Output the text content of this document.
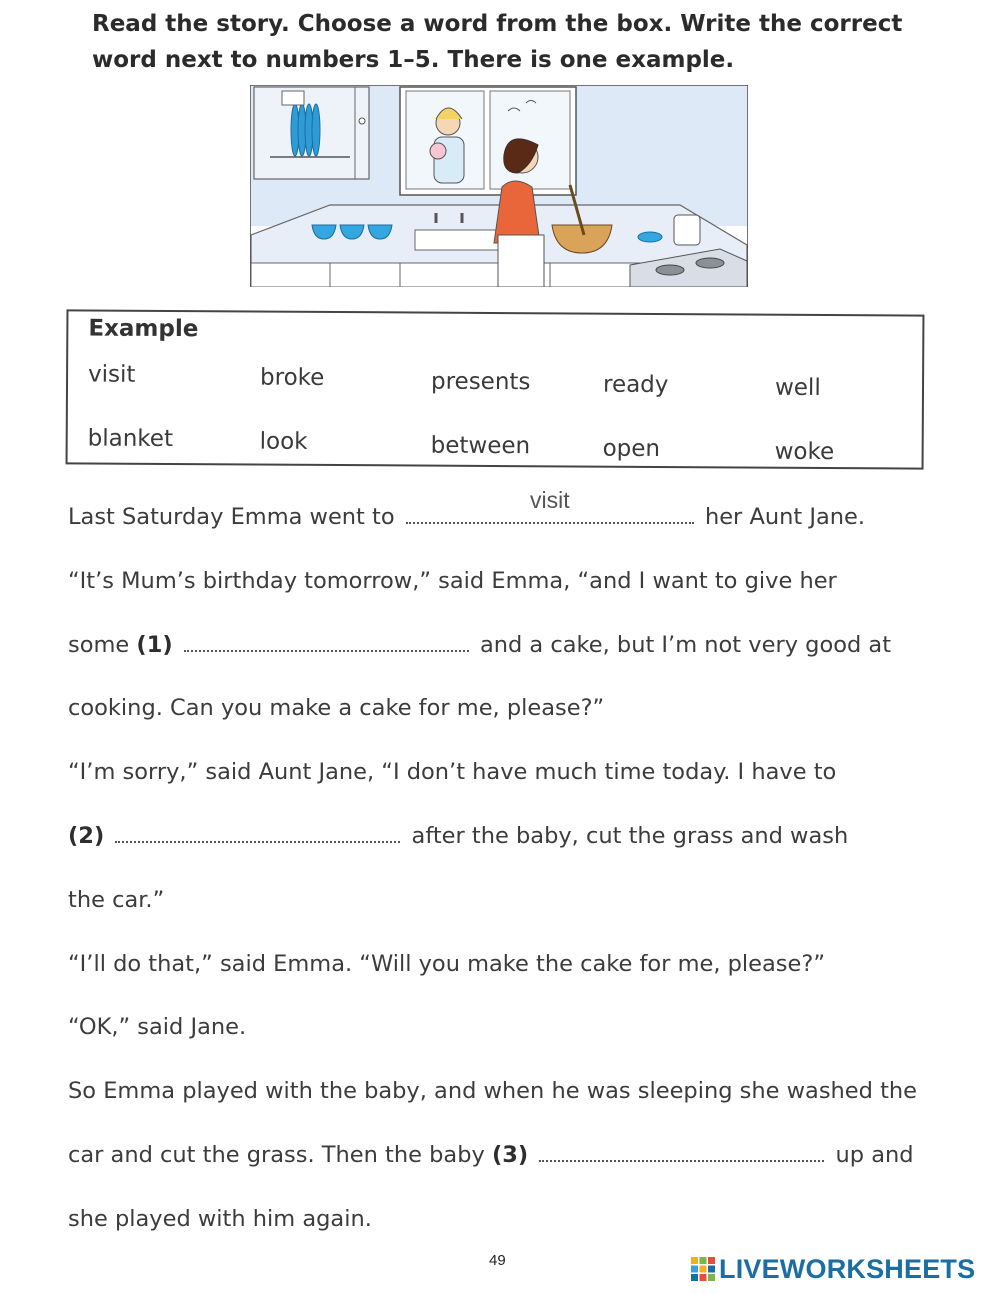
Read the story. Choose a word from the box. Write the correct word next to numbers 1–5. There is one example.
Example
visit	broke	presents	ready	well
blanket	look	between	open	woke
Last Saturday Emma went to
visit
her Aunt Jane.
“It’s Mum’s birthday tomorrow,” said Emma, “and I want to give her
some (1)	and a cake, but I’m not very good at
cooking. Can you make a cake for me, please?”
“I’m sorry,” said Aunt Jane, “I don’t have much time today. I have to
(2)	after the baby, cut the grass and wash
the car.”
“I’ll do that,” said Emma. “Will you make the cake for me, please?”
“OK,” said Jane.
So Emma played with the baby, and when he was sleeping she washed the
car and cut the grass. Then the baby (3)	up and
she played with him again.
49	LIVEWORKSHEETS
